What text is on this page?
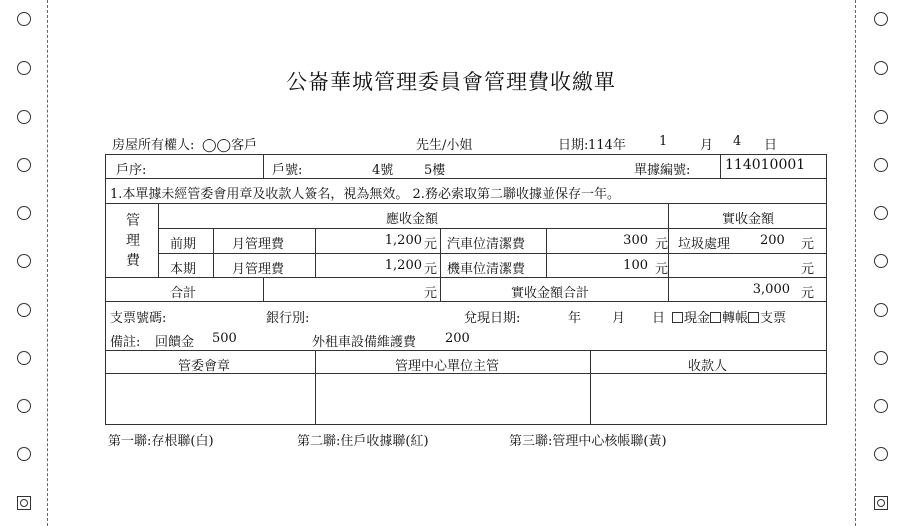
公崙華城管理委員會管理費收繳單
房屋所有權人: ◯◯客戶	先生/小姐	日期: 114年	1	月 4 日
戶序:	戶號:	4號 5樓	單據編號: 114010001
1.本單據未經管委會用章及收款人簽名，視為無效。 2.務必索取第二聯收據並保存一年。
管
理
費
應收金額	實收金額
前期	月管理費	1,200 元 汽車位清潔費	300 元 垃圾處理 200 元
本期	月管理費	1,200 元 機車位清潔費	100 元	元
合計	元	實收金額合計	3,000 元
支票號碼:	銀行別:	兌現日期:	年 月 日	現金 轉帳 支票
備註: 回饋金 500	外租車設備維護費 200
管委會章	管理中心單位主管	收款人
第一聯:存根聯(白)	第二聯:住戶收據聯(紅)	第三聯:管理中心核帳聯(黃)
